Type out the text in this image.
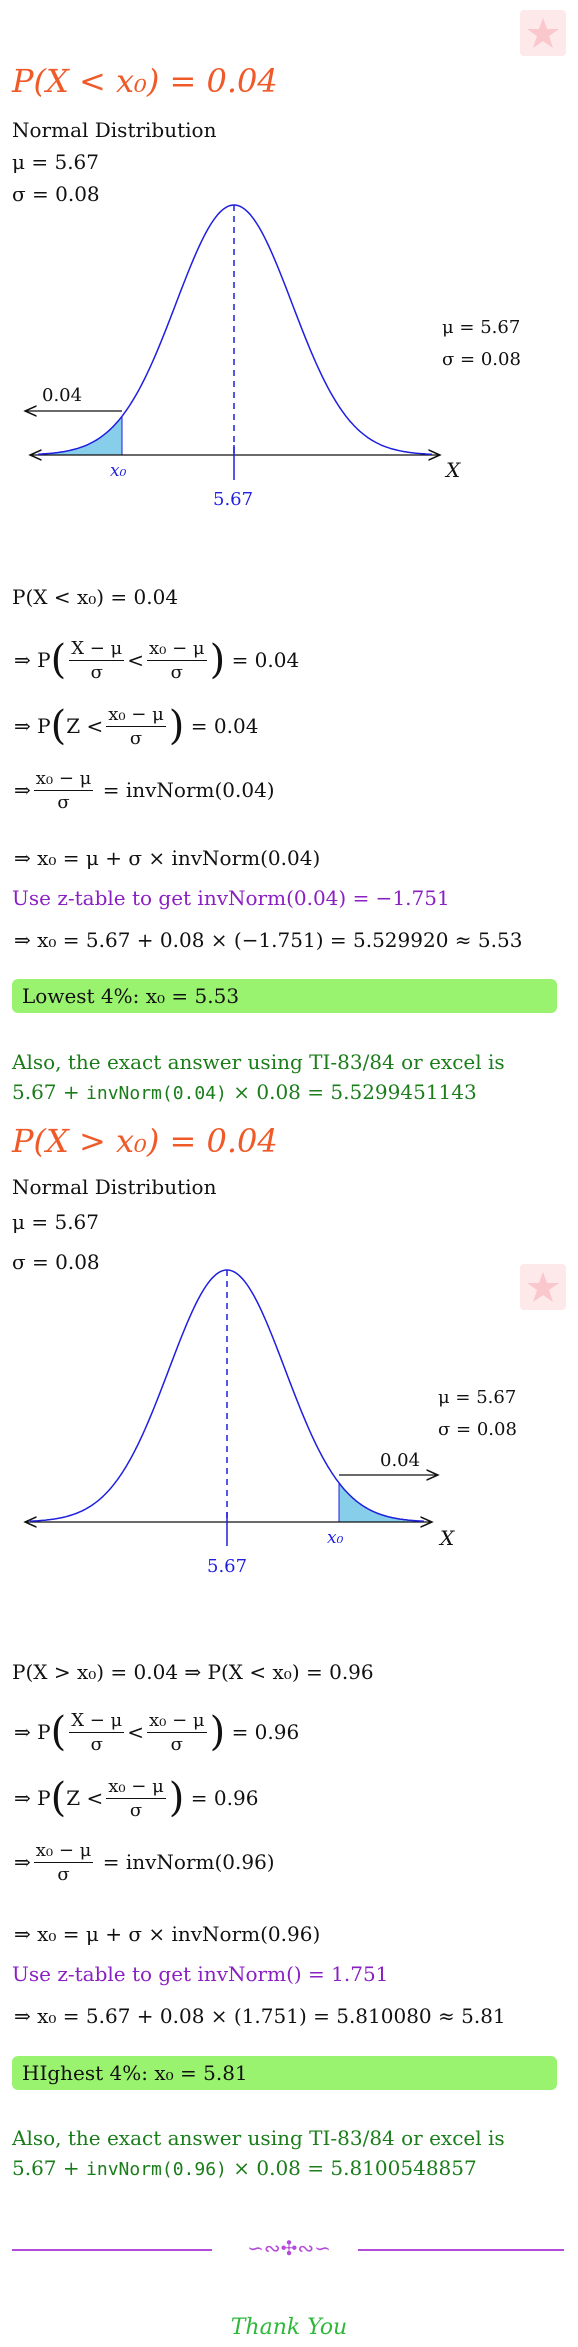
P(X < x₀) = 0.04
Normal Distribution
μ = 5.67
σ = 0.08
0.04
x₀
5.67
X
μ = 5.67
σ = 0.08
P(X < x₀) = 0.04
⇒ P ( $\frac{X - \mu}{\sigma} < \frac{\text{x₀ − μ}}{\sigma}$ )
= 0.04
⇒ P ( $Z < \frac{\text{x₀ − μ}}{\sigma}$ )
= 0.04
⇒ $\frac{\text{x₀ − μ}}{\sigma}$
= invNorm(0.04)
⇒ x₀ = μ + σ × invNorm(0.04)
Use z-table to get invNorm(0.04) = −1.751
⇒ x₀ = 5.67 + 0.08 × (−1.751) = 5.529920 ≈ 5.53
Lowest 4%: x₀ = 5.53
Also, the exact answer using TI-83/84 or excel is
5.67 + invNorm(0.04) × 0.08 = 5.5299451143
P(X > x₀) = 0.04
Normal Distribution
μ = 5.67
σ = 0.08
0.04
x₀
5.67
X
μ = 5.67
σ = 0.08
P(X > x₀) = 0.04 ⇒ P(X < x₀) = 0.96
⇒ P ( $\frac{X - \mu}{\sigma} < \frac{\text{x₀ − μ}}{\sigma}$ )
= 0.96
⇒ P ( $Z < \frac{\text{x₀ − μ}}{\sigma}$ )
= 0.96
⇒ $\frac{\text{x₀ − μ}}{\sigma}$
= invNorm(0.96)
⇒ x₀ = μ + σ × invNorm(0.96)
Use z-table to get invNorm() = 1.751
⇒ x₀ = 5.67 + 0.08 × (1.751) = 5.810080 ≈ 5.81
HIghest 4%: x₀ = 5.81
Also, the exact answer using TI-83/84 or excel is
5.67 + invNorm(0.96) × 0.08 = 5.8100548857
∽∾✣∾∽
Thank You
